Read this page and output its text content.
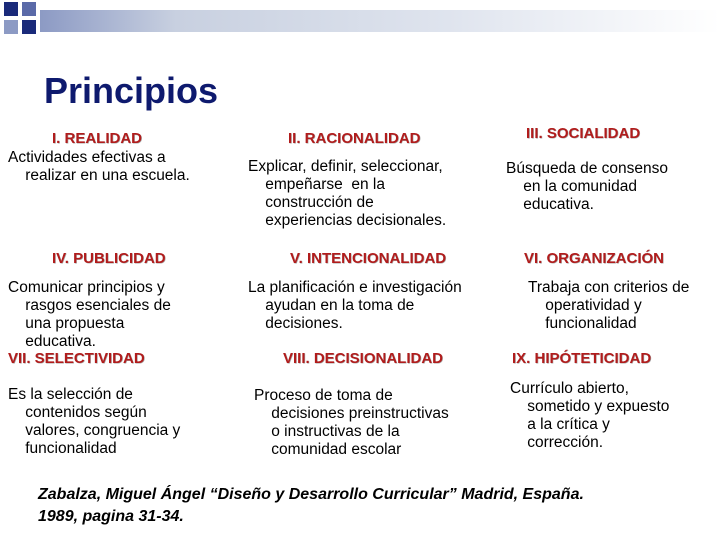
Principios
I. REALIDAD
Actividades efectivas a
realizar en una escuela.
II. RACIONALIDAD
Explicar, definir, seleccionar,
empeñarse  en la
construcción de
experiencias decisionales.
III. SOCIALIDAD
Búsqueda de consenso
en la comunidad
educativa.
IV. PUBLICIDAD
Comunicar principios y
rasgos esenciales de
una propuesta
educativa.
V. INTENCIONALIDAD
La planificación e investigación
ayudan en la toma de
decisiones.
VI. ORGANIZACIÓN
Trabaja con criterios de
operatividad y
funcionalidad
VII. SELECTIVIDAD
Es la selección de
contenidos según
valores, congruencia y
funcionalidad
VIII. DECISIONALIDAD
Proceso de toma de
decisiones preinstructivas
o instructivas de la
comunidad escolar
IX. HIPÓTETICIDAD
Currículo abierto,
sometido y expuesto
a la crítica y
corrección.
Zabalza, Miguel Ángel “Diseño y Desarrollo Curricular” Madrid, España.
1989, pagina 31-34.
